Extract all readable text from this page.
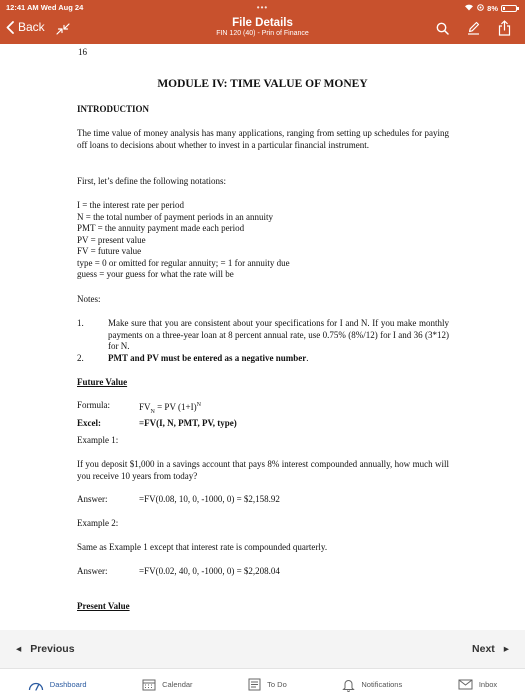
12:41 AM Wed Aug 24	8%
•••
Back	File Details
FIN 120 (40) - Prin of Finance
16
MODULE IV: TIME VALUE OF MONEY
INTRODUCTION
The time value of money analysis has many applications, ranging from setting up schedules for paying off loans to decisions about whether to invest in a particular financial instrument.
First, let’s define the following notations:
I = the interest rate per period
N = the total number of payment periods in an annuity
PMT = the annuity payment made each period
PV = present value
FV = future value
type = 0 or omitted for regular annuity; = 1 for annuity due
guess = your guess for what the rate will be
Notes:
1.	Make sure that you are consistent about your specifications for I and N. If you make monthly payments on a three-year loan at 8 percent annual rate, use 0.75% (8%/12) for I and 36 (3*12) for N.
2.	PMT and PV must be entered as a negative number.
Future Value
Formula:	$FV_N$ = PV $(1+I)^N$
Excel:	=FV(I, N, PMT, PV, type)
Example 1:
If you deposit $1,000 in a savings account that pays 8% interest compounded annually, how much will you receive 10 years from today?
Answer:	=FV(0.08, 10, 0, -1000, 0) = $2,158.92
Example 2:
Same as Example 1 except that interest rate is compounded quarterly.
Answer:	=FV(0.02, 40, 0, -1000, 0) = $2,208.04
Present Value
◂ Previous	Next ▸
Dashboard	Calendar	To Do	Notifications	Inbox
